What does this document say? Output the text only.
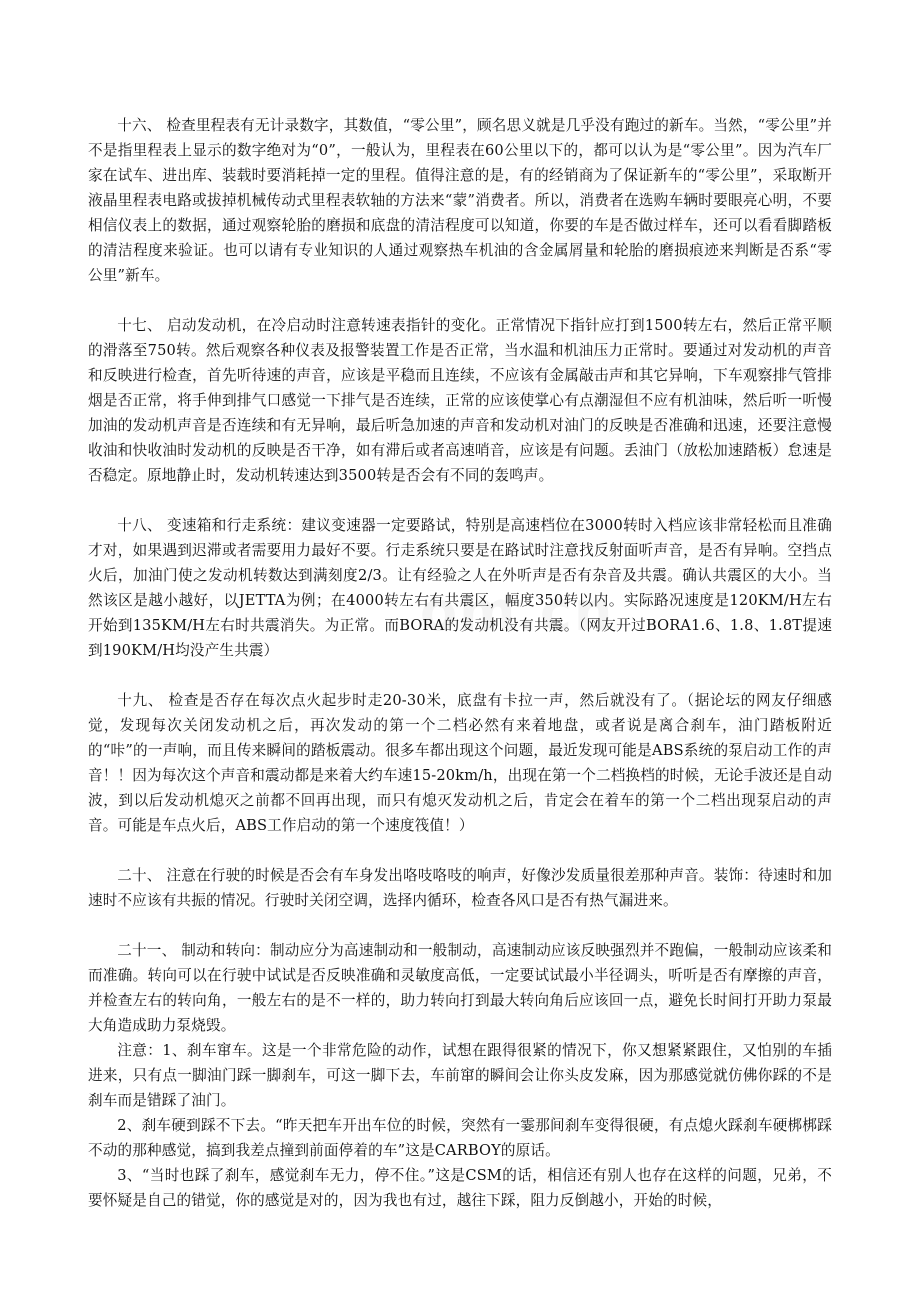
om.cn

十六、 检查里程表有无计录数字，其数值，“零公里”，顾名思义就是几乎没有跑过的新车。当然，“零公里”并不是指里程表上显示的数字绝对为“0”，一般认为，里程表在60公里以下的，都可以认为是“零公里”。因为汽车厂家在试车、进出库、装载时要消耗掉一定的里程。值得注意的是，有的经销商为了保证新车的“零公里”，采取断开液晶里程表电路或拔掉机械传动式里程表软轴的方法来“蒙”消费者。所以，消费者在选购车辆时要眼亮心明，不要相信仪表上的数据，通过观察轮胎的磨损和底盘的清洁程度可以知道，你要的车是否做过样车，还可以看看脚踏板的清洁程度来验证。也可以请有专业知识的人通过观察热车机油的含金属屑量和轮胎的磨损痕迹来判断是否系“零公里”新车。

十七、 启动发动机，在冷启动时注意转速表指针的变化。正常情况下指针应打到1500转左右，然后正常平顺的滑落至750转。然后观察各种仪表及报警装置工作是否正常，当水温和机油压力正常时。要通过对发动机的声音和反映进行检查，首先听待速的声音，应该是平稳而且连续，不应该有金属敲击声和其它异响，下车观察排气管排烟是否正常，将手伸到排气口感觉一下排气是否连续，正常的应该使掌心有点潮湿但不应有机油味，然后听一听慢加油的发动机声音是否连续和有无异响，最后听急加速的声音和发动机对油门的反映是否准确和迅速，还要注意慢收油和快收油时发动机的反映是否干净，如有滞后或者高速哨音，应该是有问题。丢油门（放松加速踏板）怠速是否稳定。原地静止时，发动机转速达到3500转是否会有不同的轰鸣声。

十八、 变速箱和行走系统：建议变速器一定要路试，特别是高速档位在3000转时入档应该非常轻松而且准确才对，如果遇到迟滞或者需要用力最好不要。行走系统只要是在路试时注意找反射面听声音，是否有异响。空挡点火后，加油门使之发动机转数达到满刻度2/3。让有经验之人在外听声是否有杂音及共震。确认共震区的大小。当然该区是越小越好，以JETTA为例；在4000转左右有共震区，幅度350转以内。实际路况速度是120KM/H左右开始到135KM/H左右时共震消失。为正常。而BORA的发动机没有共震。（网友开过BORA1.6、1.8、1.8T提速到190KM/H均没产生共震）

十九、 检查是否存在每次点火起步时走20-30米，底盘有卡拉一声，然后就没有了。（据论坛的网友仔细感觉，发现每次关闭发动机之后，再次发动的第一个二档必然有来着地盘，或者说是离合刹车，油门踏板附近的“咔”的一声响，而且传来瞬间的踏板震动。很多车都出现这个问题，最近发现可能是ABS系统的泵启动工作的声音！！因为每次这个声音和震动都是来着大约车速15-20km/h，出现在第一个二档换档的时候，无论手波还是自动波，到以后发动机熄灭之前都不回再出现，而只有熄灭发动机之后，肯定会在着车的第一个二档出现泵启动的声音。可能是车点火后，ABS工作启动的第一个速度筏值！）

二十、 注意在行驶的时候是否会有车身发出咯吱咯吱的响声，好像沙发质量很差那种声音。装饰：待速时和加速时不应该有共振的情况。行驶时关闭空调，选择内循环，检查各风口是否有热气漏进来。

二十一、 制动和转向：制动应分为高速制动和一般制动，高速制动应该反映强烈并不跑偏，一般制动应该柔和而准确。转向可以在行驶中试试是否反映准确和灵敏度高低，一定要试试最小半径调头，听听是否有摩擦的声音，并检查左右的转向角，一般左右的是不一样的，助力转向打到最大转向角后应该回一点，避免长时间打开助力泵最大角造成助力泵烧毁。

注意：1、刹车窜车。这是一个非常危险的动作，试想在跟得很紧的情况下，你又想紧紧跟住，又怕别的车插进来，只有点一脚油门踩一脚刹车，可这一脚下去，车前窜的瞬间会让你头皮发麻，因为那感觉就仿佛你踩的不是刹车而是错踩了油门。

2、刹车硬到踩不下去。“昨天把车开出车位的时候，突然有一霎那间刹车变得很硬，有点熄火踩刹车硬梆梆踩不动的那种感觉，搞到我差点撞到前面停着的车”这是CARBOY的原话。

3、“当时也踩了刹车，感觉刹车无力，停不住。”这是CSM的话，相信还有别人也存在这样的问题，兄弟，不要怀疑是自己的错觉，你的感觉是对的，因为我也有过，越往下踩，阻力反倒越小，开始的时候，
